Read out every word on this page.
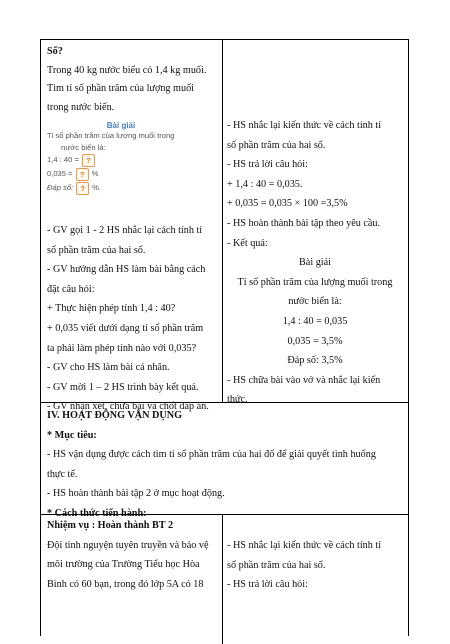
Số?

Trong 40 kg nước biểu có 1,4 kg muối.

Tìm tỉ số phần trăm của lượng muối

trong nước biển.

Bài giải
Tỉ số phần trăm của lượng muối trong
nước biển là:
1,4 : 40 = ?
0,035 = ? %
Đáp số: ? %.

- GV gọi 1 - 2 HS nhắc lại cách tính tỉ

số phần trăm của hai số.

- GV hướng dẫn HS làm bài bằng cách

đặt câu hỏi:

+ Thực hiện phép tính 1,4 : 40?

+ 0,035 viết dưới dạng tỉ số phần trăm

ta phải làm phép tính nào với 0,035?

- GV cho HS làm bài cá nhân.

- GV mời 1 – 2 HS trình bày kết quả.

- GV nhận xét, chữa bài và chốt đáp án.

- HS nhắc lại kiến thức về cách tính tỉ

số phần trăm của hai số.

- HS trả lời câu hỏi:

+ 1,4 : 40 = 0,035.

+ 0,035 = 0,035 × 100 =3,5%

- HS hoàn thành bài tập theo yêu cầu.

- Kết quả:

Bài giải

Tỉ số phần trăm của lượng muối trong

nước biển là:

1,4 : 40 = 0,035

0,035 = 3,5%

Đáp số: 3,5%

- HS chữa bài vào vở và nhắc lại kiến

thức.

IV. HOẠT ĐỘNG VẬN DỤNG

* Mục tiêu:

- HS vận dụng được cách tìm tỉ số phần trăm của hai đố để giải quyết tình huống

thực tế.

- HS hoàn thành bài tập 2 ở mục hoạt động.

* Cách thức tiến hành:

Nhiệm vụ : Hoàn thành BT 2

Đội tình nguyện tuyên truyền và bảo vệ

môi trường của Trường Tiểu học Hòa

Bình có 60 bạn, trong đó lớp 5A có 18

- HS nhắc lại kiến thức về cách tính tỉ

số phần trăm của hai số.

- HS trả lời câu hỏi:
